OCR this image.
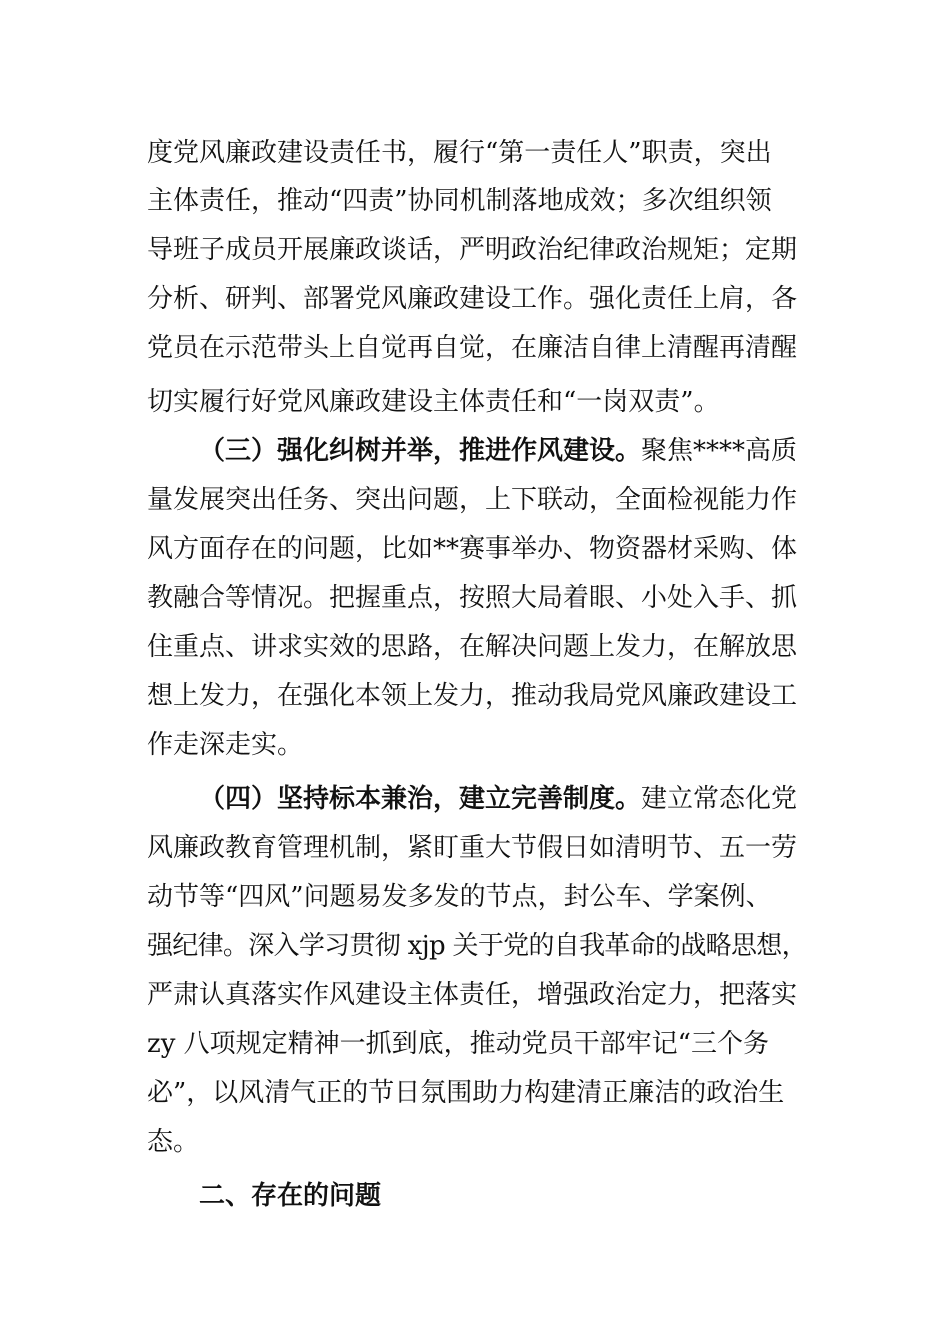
度党风廉政建设责任书，履行“第一责任人”职责，突出
主体责任，推动“四责”协同机制落地成效；多次组织领
导班子成员开展廉政谈话，严明政治纪律政治规矩；定期
分析、研判、部署党风廉政建设工作。强化责任上肩，各
党员在示范带头上自觉再自觉，在廉洁自律上清醒再清醒
切实履行好党风廉政建设主体责任和“一岗双责”。
（三）强化纠树并举，推进作风建设。聚焦****高质
量发展突出任务、突出问题，上下联动，全面检视能力作
风方面存在的问题，比如**赛事举办、物资器材采购、体
教融合等情况。把握重点，按照大局着眼、小处入手、抓
住重点、讲求实效的思路，在解决问题上发力，在解放思
想上发力，在强化本领上发力，推动我局党风廉政建设工
作走深走实。
（四）坚持标本兼治，建立完善制度。建立常态化党
风廉政教育管理机制，紧盯重大节假日如清明节、五一劳
动节等“四风”问题易发多发的节点，封公车、学案例、
强纪律。深入学习贯彻 xjp 关于党的自我革命的战略思想，
严肃认真落实作风建设主体责任，增强政治定力，把落实
zy 八项规定精神一抓到底，推动党员干部牢记“三个务
必”，以风清气正的节日氛围助力构建清正廉洁的政治生
态。
二、存在的问题
